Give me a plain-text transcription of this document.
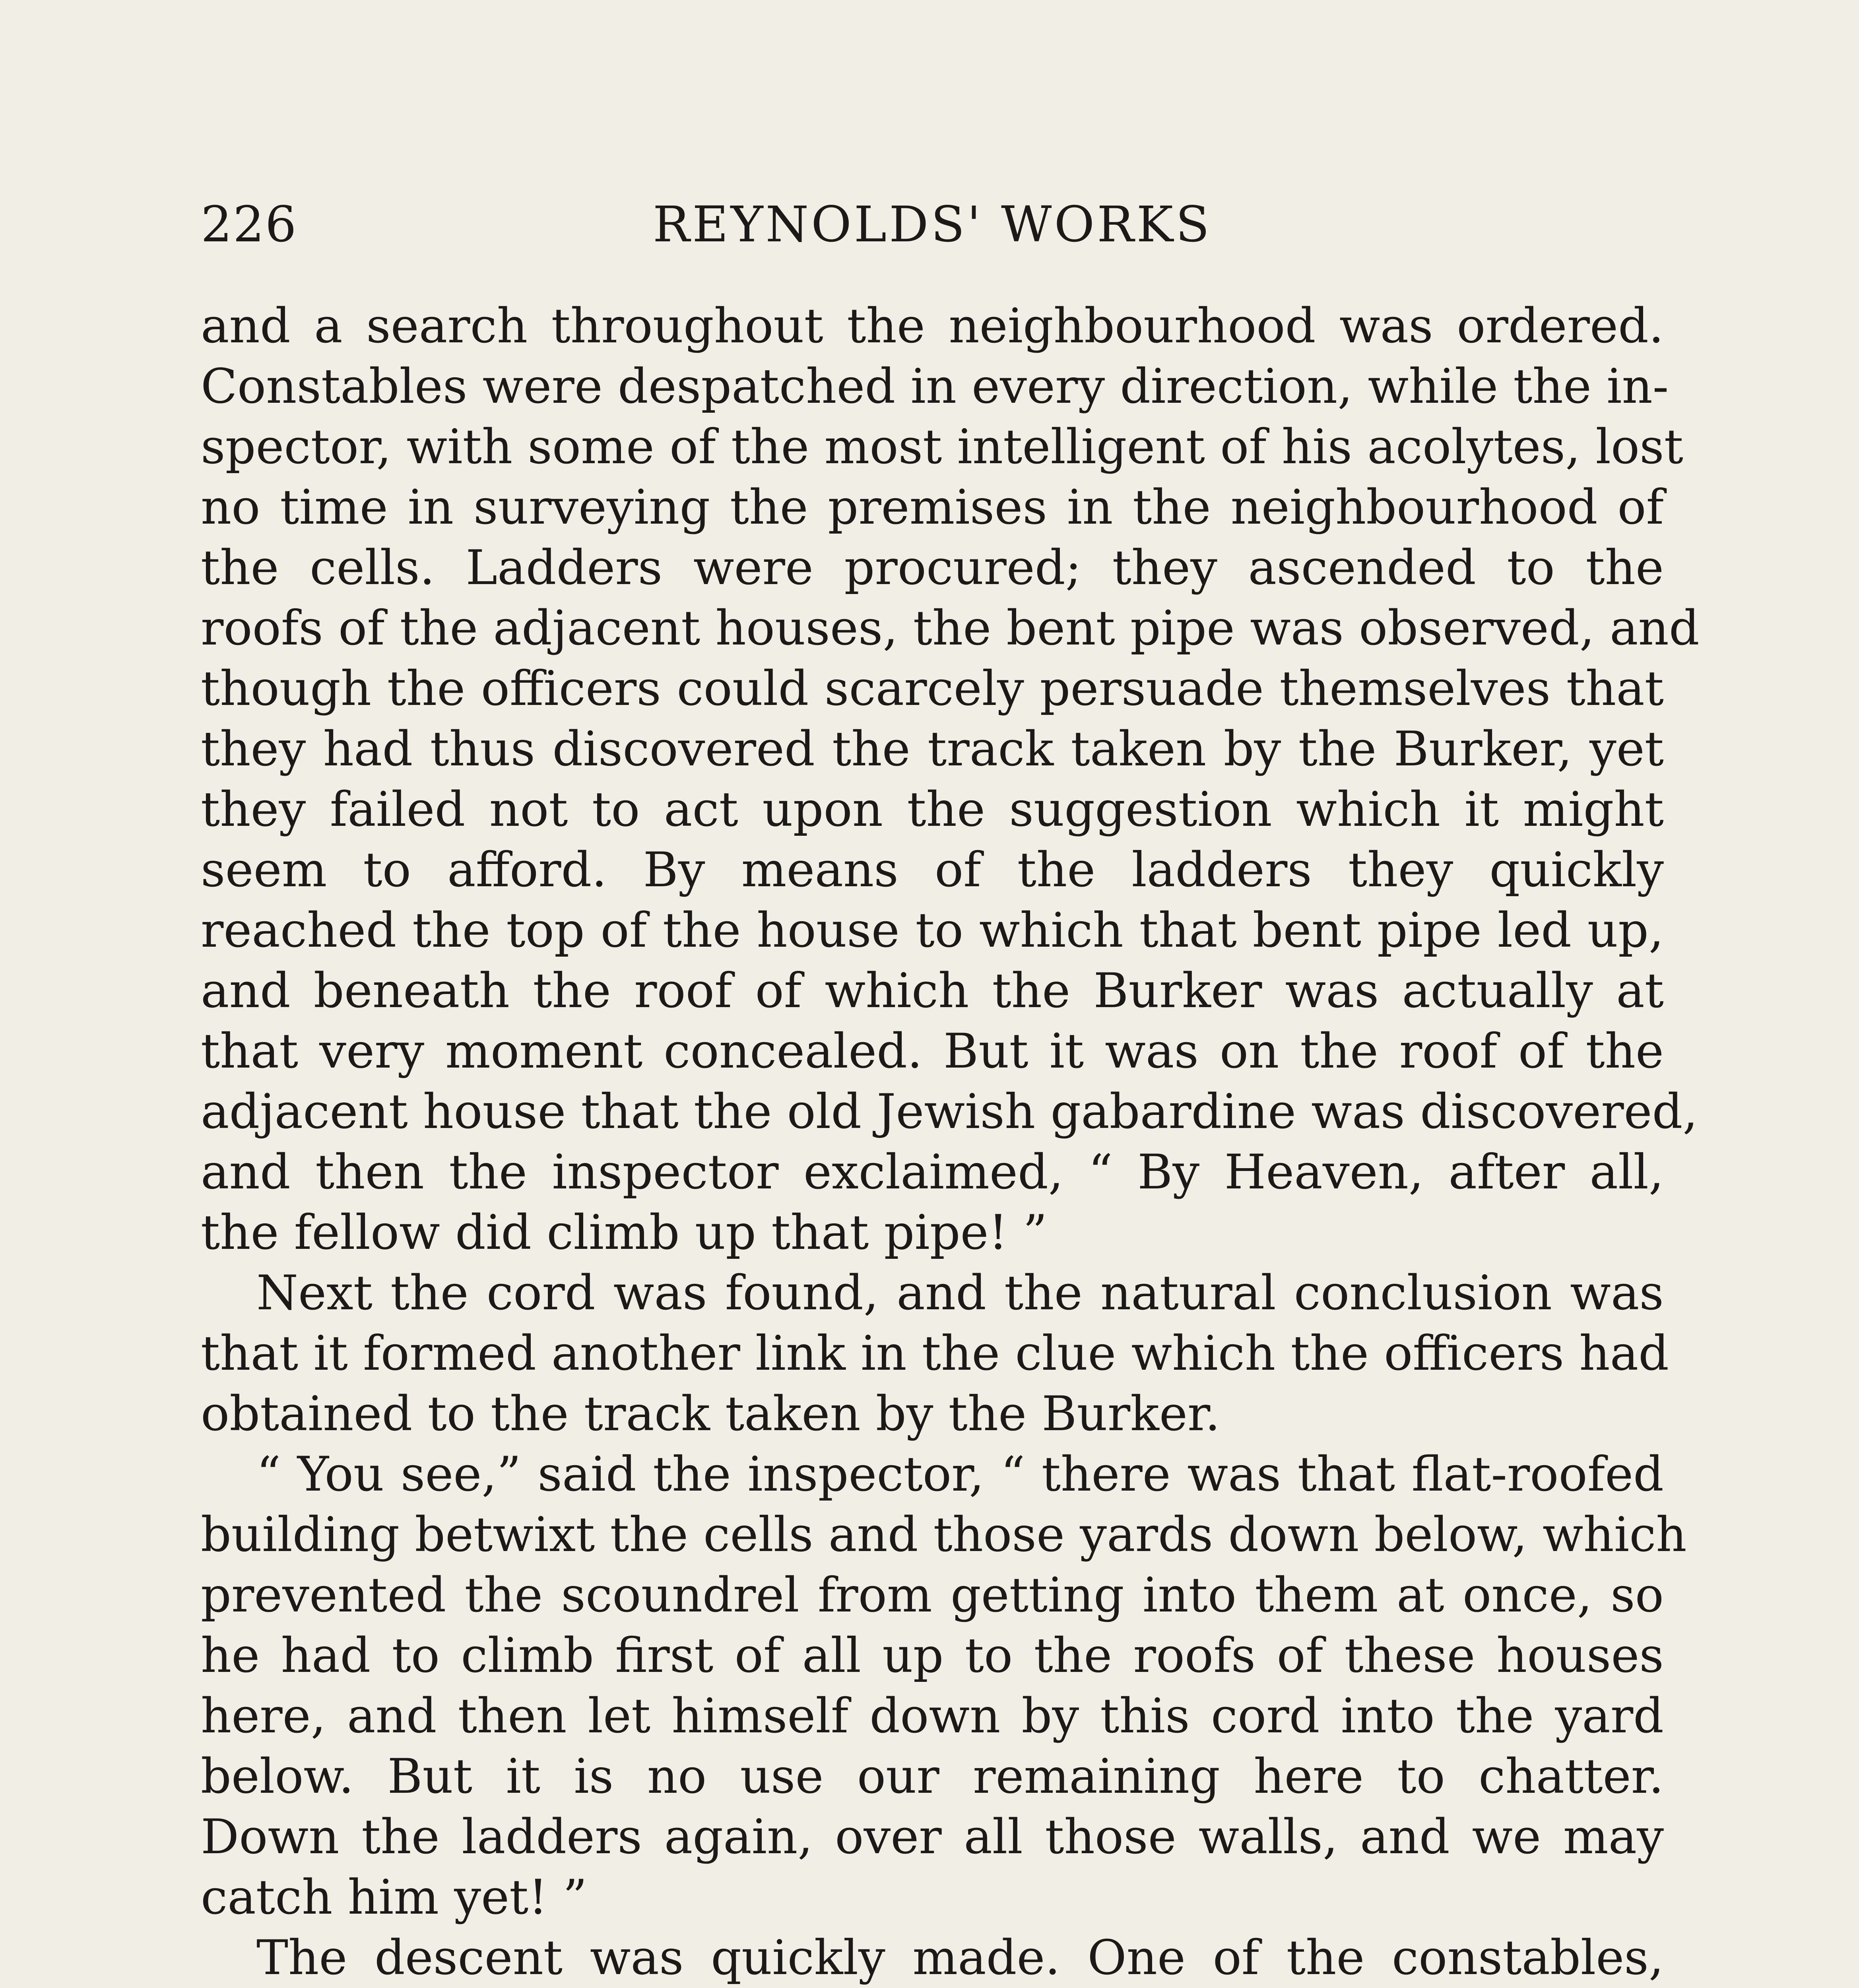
226	REYNOLDS' WORKS
and a search throughout the neighbourhood was ordered.
Constables were despatched in every direction, while the in-
spector, with some of the most intelligent of his acolytes, lost
no time in surveying the premises in the neighbourhood of
the cells. Ladders were procured; they ascended to the
roofs of the adjacent houses, the bent pipe was observed, and
though the officers could scarcely persuade themselves that
they had thus discovered the track taken by the Burker, yet
they failed not to act upon the suggestion which it might
seem to afford. By means of the ladders they quickly
reached the top of the house to which that bent pipe led up,
and beneath the roof of which the Burker was actually at
that very moment concealed. But it was on the roof of the
adjacent house that the old Jewish gabardine was discovered,
and then the inspector exclaimed, “ By Heaven, after all,
the fellow did climb up that pipe! ”
Next the cord was found, and the natural conclusion was
that it formed another link in the clue which the officers had
obtained to the track taken by the Burker.
“ You see,” said the inspector, “ there was that flat-roofed
building betwixt the cells and those yards down below, which
prevented the scoundrel from getting into them at once, so
he had to climb first of all up to the roofs of these houses
here, and then let himself down by this cord into the yard
below. But it is no use our remaining here to chatter.
Down the ladders again, over all those walls, and we may
catch him yet! ”
The descent was quickly made. One of the constables,
